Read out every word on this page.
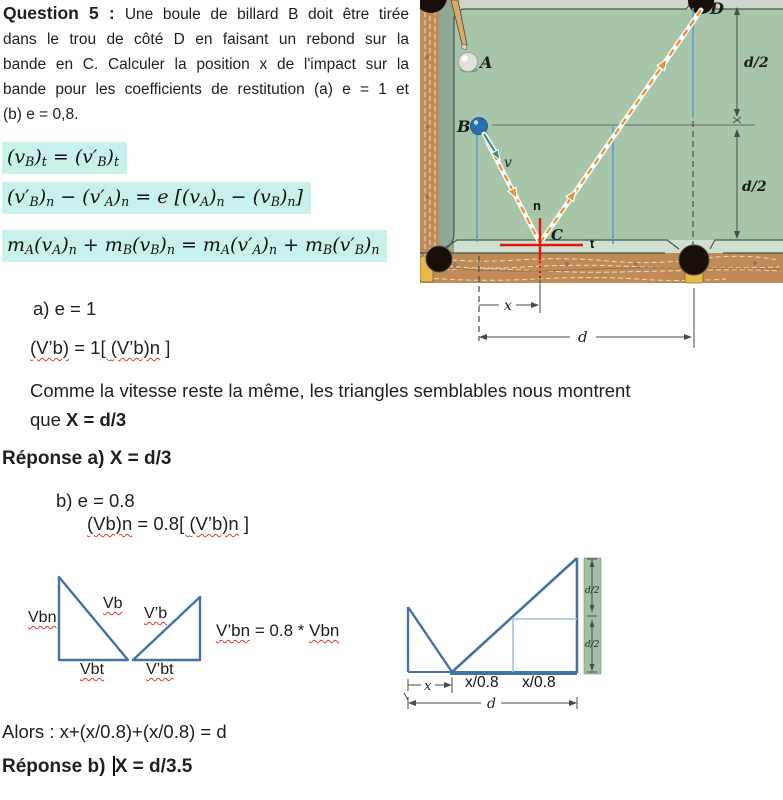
Question 5 : Une boule de billard B doit être tirée
dans le trou de côté D en faisant un rebond sur la
bande en C. Calculer la position x de l'impact sur la
bande pour les coefficients de restitution (a) e = 1 et
(b) e = 0,8.
$(v_B)_t = (v'_B)_t$
$(v'_B)_n - (v'_A)_n = e$ $[(v_A)_n - (v_B)_n]$
$m_A(v_A)_n + m_B(v_B)_n = m_A(v'_A)_n + m_B(v'_B)_n$
a) e = 1
(V’b) = 1[ (V’b)n ]
Comme la vitesse reste la même, les triangles semblables nous montrent
que X = d/3
Réponse a) X = d/3
b) e = 0.8
(Vb)n = 0.8[ (V’b)n ]
Vbn
Vb
Vbt
V’b
V’bt
V’bn = 0.8 * Vbn
d/2
d/2
x
d
x/0.8 x/0.8
Alors : x+(x/0.8)+(x/0.8) = d
Réponse b) X = d/3.5
d/2
d/2
x
d
A
B
D
C
v
n
t
